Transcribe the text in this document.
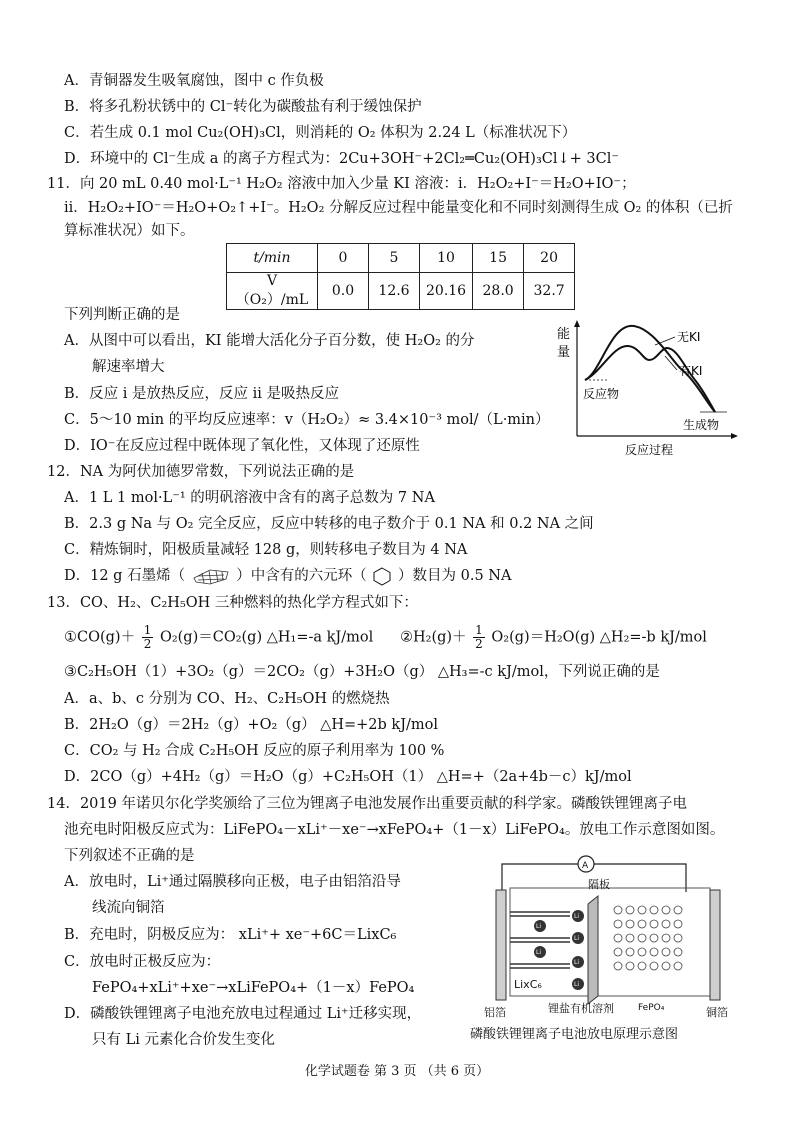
A．青铜器发生吸氧腐蚀，图中 c 作负极
B．将多孔粉状锈中的 Cl⁻转化为碳酸盐有利于缓蚀保护
C．若生成 0.1 mol Cu₂(OH)₃Cl，则消耗的 O₂ 体积为 2.24 L（标准状况下）
D．环境中的 Cl⁻生成 a 的离子方程式为：2Cu+3OH⁻+2Cl₂═Cu₂(OH)₃Cl↓+ 3Cl⁻
11．向 20 mL 0.40 mol·L⁻¹ H₂O₂ 溶液中加入少量 KI 溶液：i．H₂O₂+I⁻＝H₂O+IO⁻；
ii．H₂O₂+IO⁻＝H₂O+O₂↑+I⁻。H₂O₂ 分解反应过程中能量变化和不同时刻测得生成 O₂ 的体积（已折
算标准状况）如下。
t/min	0	5	10	15	20
V（O₂）/mL	0.0	12.6	20.16	28.0	32.7
下列判断正确的是
A．从图中可以看出，KI 能增大活化分子百分数，使 H₂O₂ 的分
解速率增大
B．反应 i 是放热反应，反应 ii 是吸热反应
C．5～10 min 的平均反应速率：v（H₂O₂）≈ 3.4×10⁻³ mol/（L·min）
D．IO⁻在反应过程中既体现了氧化性，又体现了还原性
能
量
无KI
有KI
反应物
生成物
反应过程
12．NA 为阿伏加德罗常数，下列说法正确的是
A．1 L 1 mol·L⁻¹ 的明矾溶液中含有的离子总数为 7 NA
B．2.3 g Na 与 O₂ 完全反应，反应中转移的电子数介于 0.1 NA 和 0.2 NA 之间
C．精炼铜时，阳极质量减轻 128 g，则转移电子数目为 4 NA
D．12 g 石墨烯（	）中含有的六元环（ ）数目为 0.5 NA
13．CO、H₂、C₂H₅OH 三种燃料的热化学方程式如下：
①CO(g)＋ $\frac{1}{2} O_2(g)=CO_2(g)$ △H₁=-a kJ/mol ②H₂(g)＋ $\frac{1}{2} O_2(g)=H_2O(g)$ △H₂=-b kJ/mol
③C₂H₅OH（1）+3O₂（g）＝2CO₂（g）+3H₂O（g） △H₃=-c kJ/mol，下列说正确的是
A．a、b、c 分别为 CO、H₂、C₂H₅OH 的燃烧热
B．2H₂O（g）＝2H₂（g）+O₂（g） △H=+2b kJ/mol
C．CO₂ 与 H₂ 合成 C₂H₅OH 反应的原子利用率为 100 %
D．2CO（g）+4H₂（g）＝H₂O（g）+C₂H₅OH（1） △H=+（2a+4b－c）kJ/mol
14．2019 年诺贝尔化学奖颁给了三位为锂离子电池发展作出重要贡献的科学家。磷酸铁锂锂离子电
池充电时阳极反应式为：LiFePO₄－xLi⁺－xe⁻→xFePO₄+（1－x）LiFePO₄。放电工作示意图如图。
下列叙述不正确的是
A．放电时，Li⁺通过隔膜移向正极，电子由铝箔沿导
线流向铜箔
B．充电时，阴极反应为： xLi⁺+ xe⁻+6C＝LixC₆
C．放电时正极反应为：
FePO₄+xLi⁺+xe⁻→xLiFePO₄+（1－x）FePO₄
D．磷酸铁锂锂离子电池充放电过程通过 Li⁺迁移实现，
只有 Li 元素化合价发生变化
A
隔板
Li
Li
Li
Li
Li
Li
LixC₆
铝箔	锂盐有机溶剂	FePO₄	铜箔
磷酸铁锂锂离子电池放电原理示意图
化学试题卷 第 3 页 （共 6 页）
